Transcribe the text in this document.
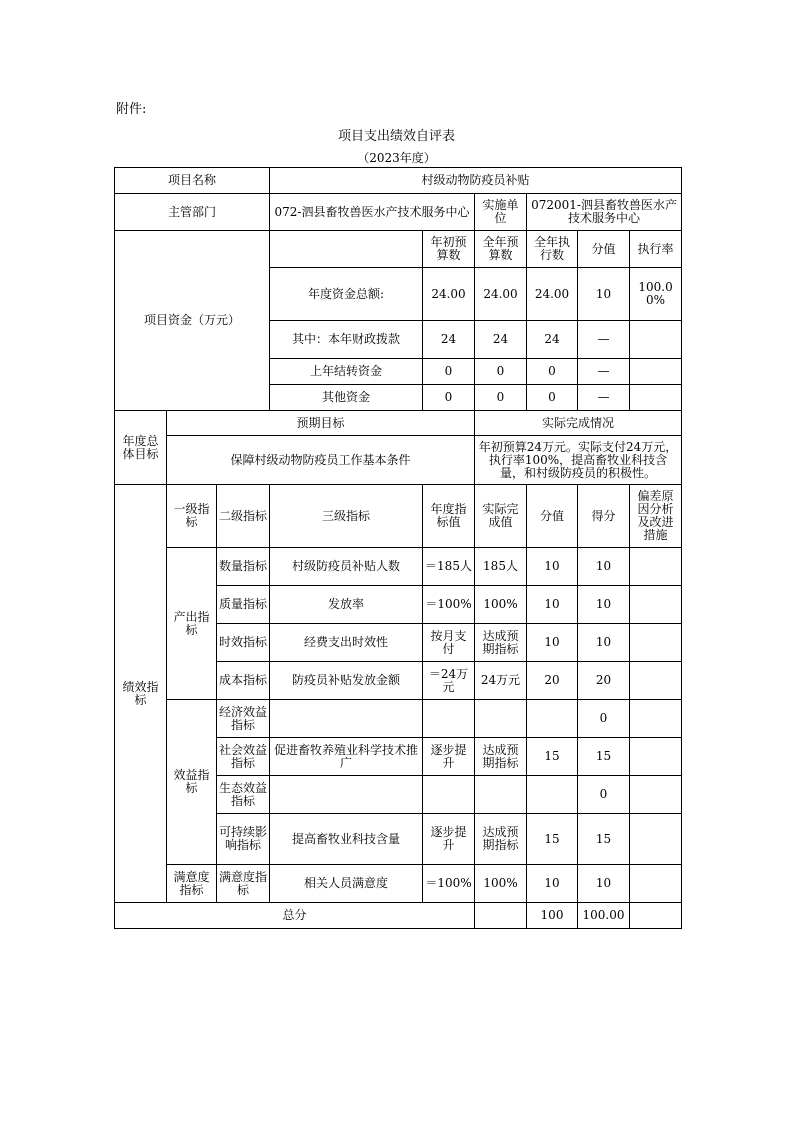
附件:
项目支出绩效自评表
（2023年度）
项目名称			村级动物防疫员补贴						
主管部门			072-泗县畜牧兽医水产技术服务中心		实施单位	072001-泗县畜牧兽医水产技术服务中心			
项目资金（万元）				年初预算数	全年预算数	全年执行数	分值	执行率	
			年度资金总额:	24.00	24.00	24.00	10	100.00%	
			其中：本年财政拨款	24	24	24	—		
			上年结转资金	0	0	0	—		
			其他资金	0	0	0	—		
年度总体目标	预期目标				实际完成情况				
	保障村级动物防疫员工作基本条件				年初预算24万元。实际支付24万元，执行率100%，提高畜牧业科技含量，和村级防疫员的积极性。				
绩效指标	一级指标	二级指标	三级指标	年度指标值	实际完成值	分值	得分	偏差原因分析及改进措施	
	产出指标	数量指标	村级防疫员补贴人数	＝185人	185人	10	10		
		质量指标	发放率	＝100%	100%	10	10		
		时效指标	经费支出时效性	按月支付	达成预期指标	10	10		
		成本指标	防疫员补贴发放金额	＝24万元	24万元	20	20		
	效益指标	经济效益指标					0		
		社会效益指标	促进畜牧养殖业科学技术推广	逐步提升	达成预期指标	15	15		
		生态效益指标					0		
		可持续影响指标	提高畜牧业科技含量	逐步提升	达成预期指标	15	15		
	满意度指标	满意度指标	相关人员满意度	＝100%	100%	10	10		
总分						100	100.00		
